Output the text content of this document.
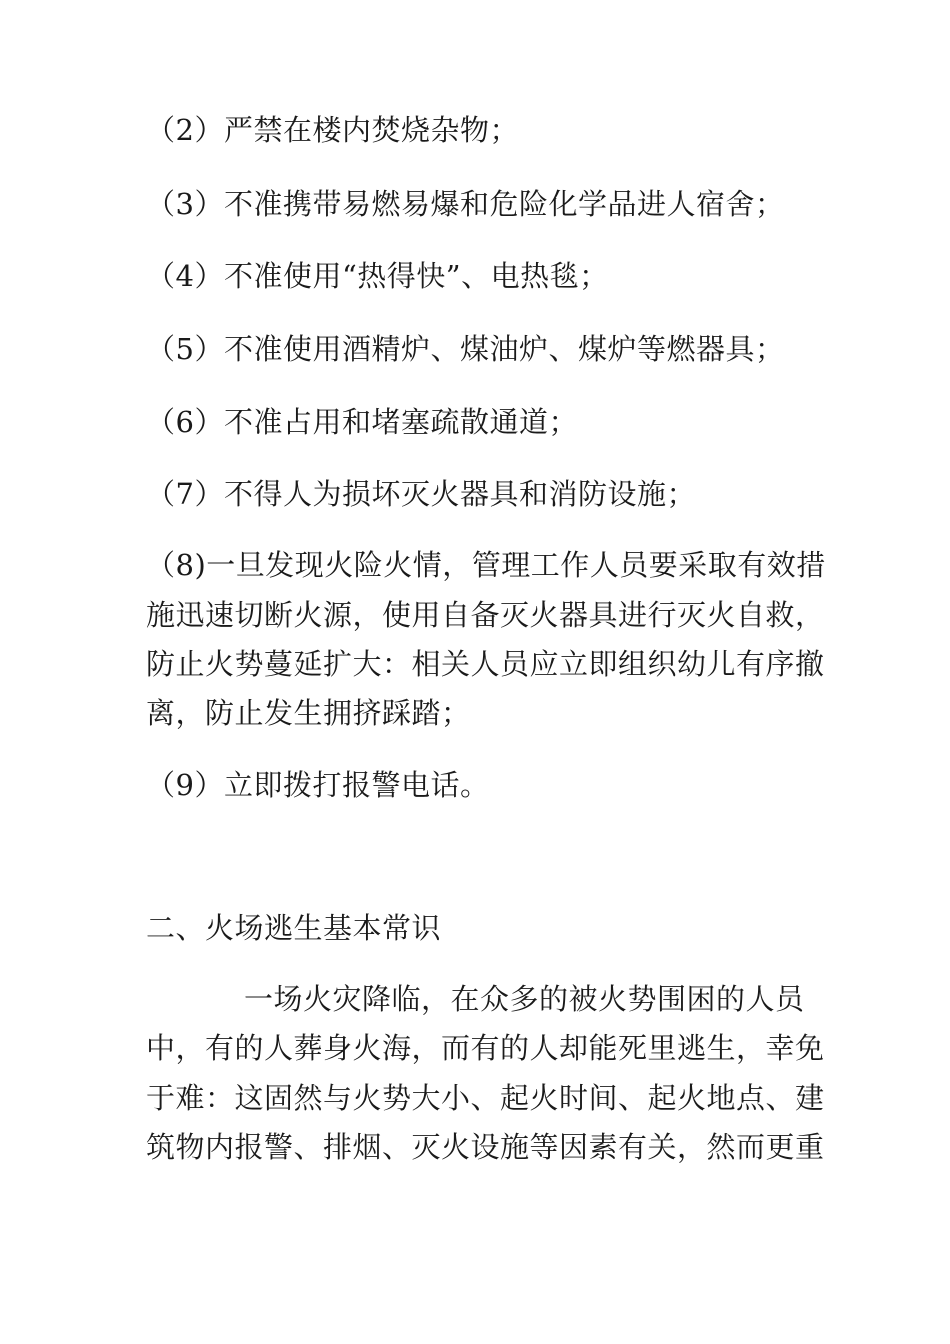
（2）严禁在楼内焚烧杂物；
（3）不准携带易燃易爆和危险化学品进人宿舍；
（4）不准使用“热得快”、电热毯；
（5）不准使用酒精炉、煤油炉、煤炉等燃器具；
（6）不准占用和堵塞疏散通道；
（7）不得人为损坏灭火器具和消防设施；
（8)一旦发现火险火情，管理工作人员要采取有效措
施迅速切断火源，使用自备灭火器具进行灭火自救，
防止火势蔓延扩大：相关人员应立即组织幼儿有序撤
离，防止发生拥挤踩踏；
（9）立即拨打报警电话。
二、火场逃生基本常识
一场火灾降临，在众多的被火势围困的人员
中，有的人葬身火海，而有的人却能死里逃生，幸免
于难：这固然与火势大小、起火时间、起火地点、建
筑物内报警、排烟、灭火设施等因素有关，然而更重
